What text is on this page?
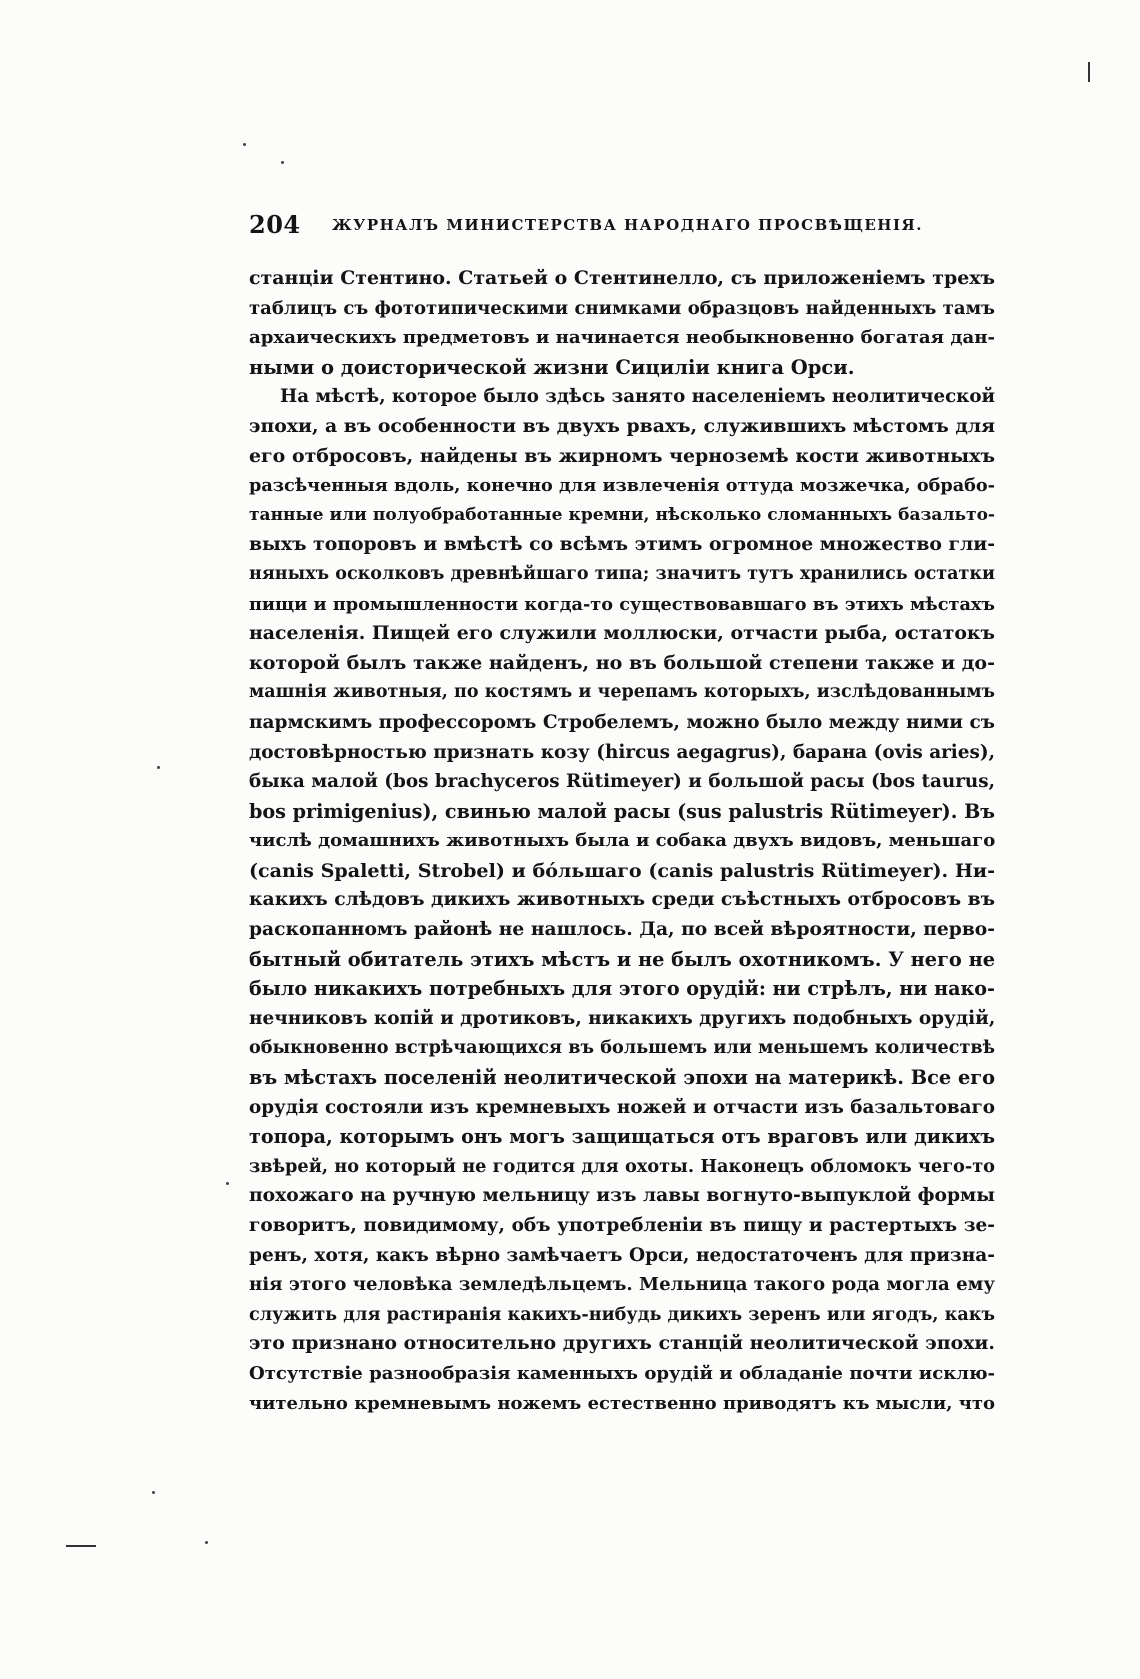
204 ЖУРНАЛЪ МИНИСТЕРСТВА НАРОДНАГО ПРОСВѢЩЕНІЯ.
станціи Стентино. Статьей о Стентинелло, съ приложеніемъ трехъ
таблицъ съ фототипическими снимками образцовъ найденныхъ тамъ
архаическихъ предметовъ и начинается необыкновенно богатая дан-
ными о доисторической жизни Сициліи книга Орси.
На мѣстѣ, которое было здѣсь занято населеніемъ неолитической
эпохи, а въ особенности въ двухъ рвахъ, служившихъ мѣстомъ для
его отбросовъ, найдены въ жирномъ черноземѣ кости животныхъ
разсѣченныя вдоль, конечно для извлеченія оттуда мозжечка, обрабо-
танные или полуобработанные кремни, нѣсколько сломанныхъ базальто-
выхъ топоровъ и вмѣстѣ со всѣмъ этимъ огромное множество гли-
няныхъ осколковъ древнѣйшаго типа; значитъ тутъ хранились остатки
пищи и промышленности когда-то существовавшаго въ этихъ мѣстахъ
населенія. Пищей его служили моллюски, отчасти рыба, остатокъ
которой былъ также найденъ, но въ большой степени также и до-
машнія животныя, по костямъ и черепамъ которыхъ, изслѣдованнымъ
пармскимъ профессоромъ Стробелемъ, можно было между ними съ
достовѣрностью признать козу (hircus aegagrus), барана (ovis aries),
быка малой (bos brachyceros Rütimeyer) и большой расы (bos taurus,
bos primigenius), свинью малой расы (sus palustris Rütimeyer). Въ
числѣ домашнихъ животныхъ была и собака двухъ видовъ, меньшаго
(canis Spaletti, Strobel) и бо́льшаго (canis palustris Rütimeyer). Ни-
какихъ слѣдовъ дикихъ животныхъ среди съѣстныхъ отбросовъ въ
раскопанномъ районѣ не нашлось. Да, по всей вѣроятности, перво-
бытный обитатель этихъ мѣстъ и не былъ охотникомъ. У него не
было никакихъ потребныхъ для этого орудій: ни стрѣлъ, ни нако-
нечниковъ копій и дротиковъ, никакихъ другихъ подобныхъ орудій,
обыкновенно встрѣчающихся въ большемъ или меньшемъ количествѣ
въ мѣстахъ поселеній неолитической эпохи на материкѣ. Все его
орудія состояли изъ кремневыхъ ножей и отчасти изъ базальтоваго
топора, которымъ онъ могъ защищаться отъ враговъ или дикихъ
звѣрей, но который не годится для охоты. Наконецъ обломокъ чего-то
похожаго на ручную мельницу изъ лавы вогнуто-выпуклой формы
говоритъ, повидимому, объ употребленіи въ пищу и растертыхъ зе-
ренъ, хотя, какъ вѣрно замѣчаетъ Орси, недостаточенъ для призна-
нія этого человѣка земледѣльцемъ. Мельница такого рода могла ему
служить для растиранія какихъ-нибудь дикихъ зеренъ или ягодъ, какъ
это признано относительно другихъ станцій неолитической эпохи.
Отсутствіе разнообразія каменныхъ орудій и обладаніе почти исклю-
чительно кремневымъ ножемъ естественно приводятъ къ мысли, что
